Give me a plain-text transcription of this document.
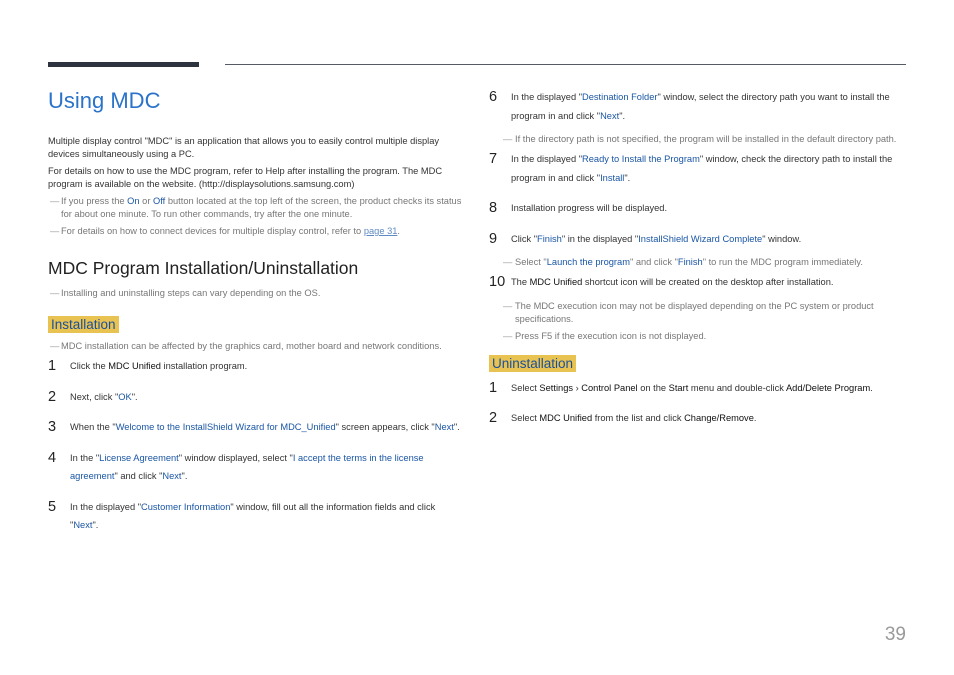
Using MDC

Multiple display control "MDC" is an application that allows you to easily control multiple display devices simultaneously using a PC.

For details on how to use the MDC program, refer to Help after installing the program. The MDC program is available on the website. (http://displaysolutions.samsung.com)

― If you press the On or Off button located at the top left of the screen, the product checks its status for about one minute. To run other commands, try after the one minute.

― For details on how to connect devices for multiple display control, refer to page 31.

MDC Program Installation/Uninstallation

― Installing and uninstalling steps can vary depending on the OS.

Installation

― MDC installation can be affected by the graphics card, mother board and network conditions.

1 Click the MDC Unified installation program.
2 Next, click "OK".
3 When the "Welcome to the InstallShield Wizard for MDC_Unified" screen appears, click "Next".
4 In the "License Agreement" window displayed, select "I accept the terms in the license agreement" and click "Next".
5 In the displayed "Customer Information" window, fill out all the information fields and click "Next".
6 In the displayed "Destination Folder" window, select the directory path you want to install the program in and click "Next".

― If the directory path is not specified, the program will be installed in the default directory path.

7 In the displayed "Ready to Install the Program" window, check the directory path to install the program in and click "Install".
8 Installation progress will be displayed.
9 Click "Finish" in the displayed "InstallShield Wizard Complete" window.

― Select "Launch the program" and click "Finish" to run the MDC program immediately.

10 The MDC Unified shortcut icon will be created on the desktop after installation.

― The MDC execution icon may not be displayed depending on the PC system or product specifications.

― Press F5 if the execution icon is not displayed.

Uninstallation
1 Select Settings › Control Panel on the Start menu and double-click Add/Delete Program.
2 Select MDC Unified from the list and click Change/Remove.
39
